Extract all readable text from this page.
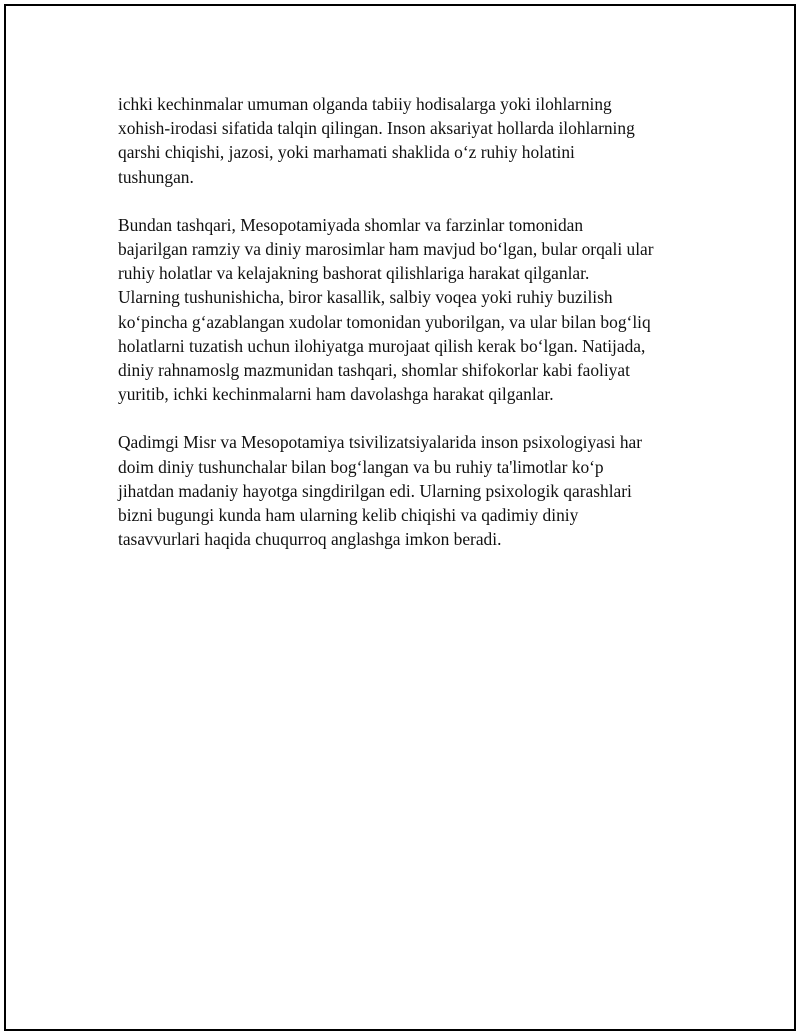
ichki kechinmalar umuman olganda tabiiy hodisalarga yoki ilohlarning
xohish-irodasi sifatida talqin qilingan. Inson aksariyat hollarda ilohlarning
qarshi chiqishi, jazosi, yoki marhamati shaklida o‘z ruhiy holatini
tushungan.

Bundan tashqari, Mesopotamiyada shomlar va farzinlar tomonidan
bajarilgan ramziy va diniy marosimlar ham mavjud bo‘lgan, bular orqali ular
ruhiy holatlar va kelajakning bashorat qilishlariga harakat qilganlar.
Ularning tushunishicha, biror kasallik, salbiy voqea yoki ruhiy buzilish
ko‘pincha g‘azablangan xudolar tomonidan yuborilgan, va ular bilan bog‘liq
holatlarni tuzatish uchun ilohiyatga murojaat qilish kerak bo‘lgan. Natijada,
diniy rahnamoslg mazmunidan tashqari, shomlar shifokorlar kabi faoliyat
yuritib, ichki kechinmalarni ham davolashga harakat qilganlar.

Qadimgi Misr va Mesopotamiya tsivilizatsiyalarida inson psixologiyasi har
doim diniy tushunchalar bilan bog‘langan va bu ruhiy ta'limotlar ko‘p
jihatdan madaniy hayotga singdirilgan edi. Ularning psixologik qarashlari
bizni bugungi kunda ham ularning kelib chiqishi va qadimiy diniy
tasavvurlari haqida chuqurroq anglashga imkon beradi.
